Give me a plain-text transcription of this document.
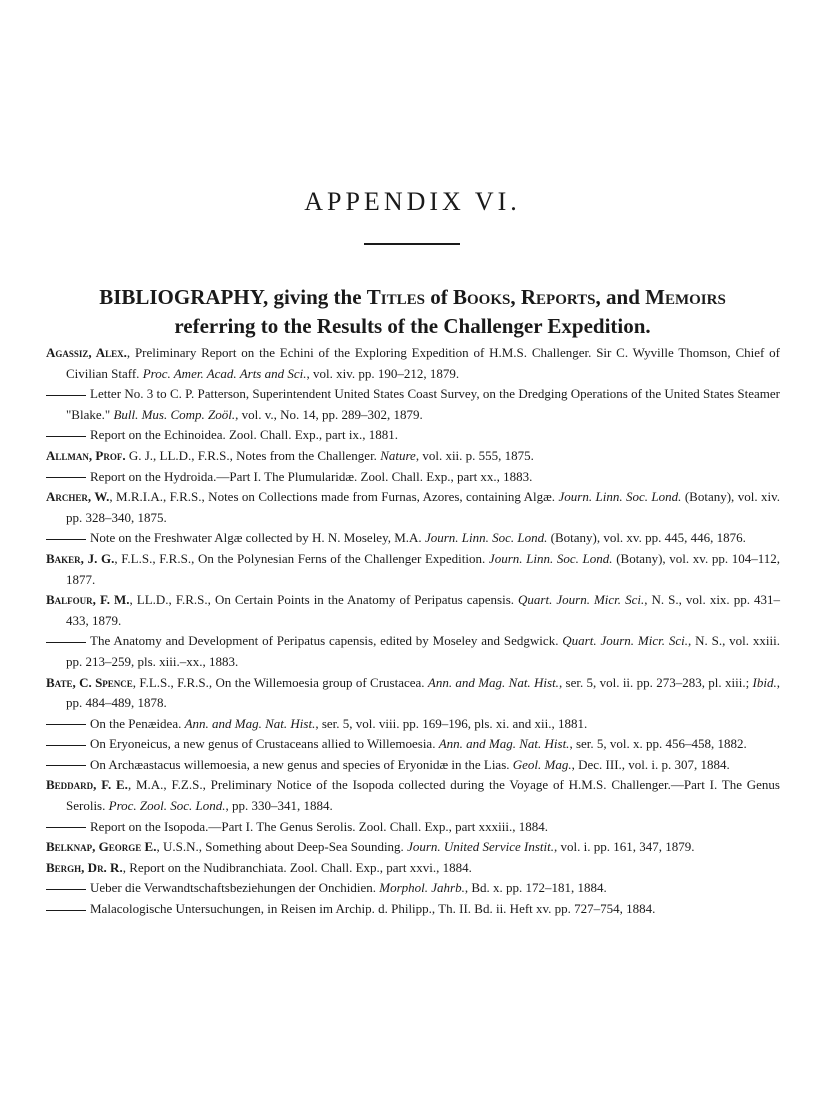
APPENDIX VI.
BIBLIOGRAPHY, giving the Titles of Books, Reports, and Memoirs
referring to the Results of the Challenger Expedition.

Agassiz, Alex., Preliminary Report on the Echini of the Exploring Expedition of H.M.S. Challenger. Sir C. Wyville Thomson, Chief of Civilian Staff. Proc. Amer. Acad. Arts and Sci., vol. xiv. pp. 190–212, 1879.

Letter No. 3 to C. P. Patterson, Superintendent United States Coast Survey, on the Dredging Operations of the United States Steamer "Blake." Bull. Mus. Comp. Zoöl., vol. v., No. 14, pp. 289–302, 1879.

Report on the Echinoidea. Zool. Chall. Exp., part ix., 1881.

Allman, Prof. G. J., LL.D., F.R.S., Notes from the Challenger. Nature, vol. xii. p. 555, 1875.

Report on the Hydroida.—Part I. The Plumularidæ. Zool. Chall. Exp., part xx., 1883.

Archer, W., M.R.I.A., F.R.S., Notes on Collections made from Furnas, Azores, containing Algæ. Journ. Linn. Soc. Lond. (Botany), vol. xiv. pp. 328–340, 1875.

Note on the Freshwater Algæ collected by H. N. Moseley, M.A. Journ. Linn. Soc. Lond. (Botany), vol. xv. pp. 445, 446, 1876.

Baker, J. G., F.L.S., F.R.S., On the Polynesian Ferns of the Challenger Expedition. Journ. Linn. Soc. Lond. (Botany), vol. xv. pp. 104–112, 1877.

Balfour, F. M., LL.D., F.R.S., On Certain Points in the Anatomy of Peripatus capensis. Quart. Journ. Micr. Sci., N. S., vol. xix. pp. 431–433, 1879.

The Anatomy and Development of Peripatus capensis, edited by Moseley and Sedgwick. Quart. Journ. Micr. Sci., N. S., vol. xxiii. pp. 213–259, pls. xiii.–xx., 1883.

Bate, C. Spence, F.L.S., F.R.S., On the Willemoesia group of Crustacea. Ann. and Mag. Nat. Hist., ser. 5, vol. ii. pp. 273–283, pl. xiii.; Ibid., pp. 484–489, 1878.

On the Penæidea. Ann. and Mag. Nat. Hist., ser. 5, vol. viii. pp. 169–196, pls. xi. and xii., 1881.

On Eryoneicus, a new genus of Crustaceans allied to Willemoesia. Ann. and Mag. Nat. Hist., ser. 5, vol. x. pp. 456–458, 1882.

On Archæastacus willemoesia, a new genus and species of Eryonidæ in the Lias. Geol. Mag., Dec. III., vol. i. p. 307, 1884.

Beddard, F. E., M.A., F.Z.S., Preliminary Notice of the Isopoda collected during the Voyage of H.M.S. Challenger.—Part I. The Genus Serolis. Proc. Zool. Soc. Lond., pp. 330–341, 1884.

Report on the Isopoda.—Part I. The Genus Serolis. Zool. Chall. Exp., part xxxiii., 1884.

Belknap, George E., U.S.N., Something about Deep-Sea Sounding. Journ. United Service Instit., vol. i. pp. 161, 347, 1879.

Bergh, Dr. R., Report on the Nudibranchiata. Zool. Chall. Exp., part xxvi., 1884.

Ueber die Verwandtschaftsbeziehungen der Onchidien. Morphol. Jahrb., Bd. x. pp. 172–181, 1884.

Malacologische Untersuchungen, in Reisen im Archip. d. Philipp., Th. II. Bd. ii. Heft xv. pp. 727–754, 1884.
